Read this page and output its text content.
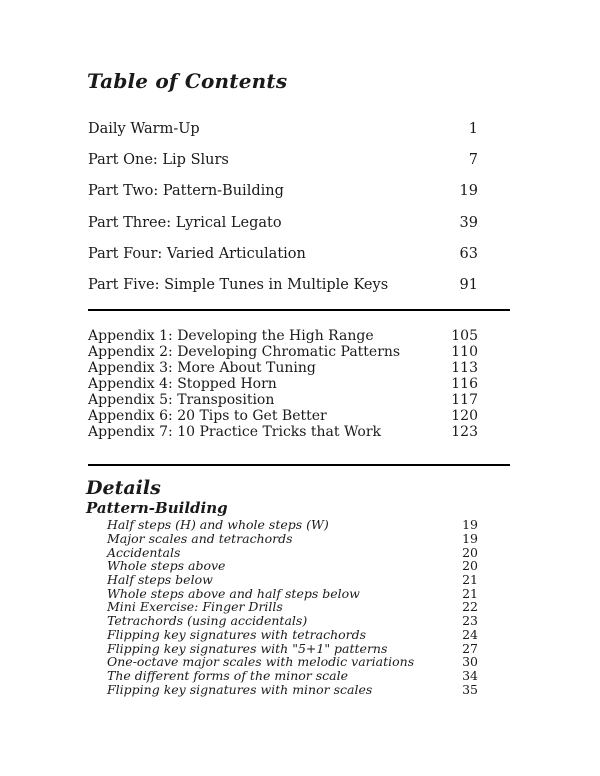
Table of Contents
Daily Warm-Up	1
Part One: Lip Slurs	7
Part Two: Pattern-Building	19
Part Three: Lyrical Legato	39
Part Four: Varied Articulation	63
Part Five: Simple Tunes in Multiple Keys	91
Appendix 1: Developing the High Range	105
Appendix 2: Developing Chromatic Patterns	110
Appendix 3: More About Tuning	113
Appendix 4: Stopped Horn	116
Appendix 5: Transposition	117
Appendix 6: 20 Tips to Get Better	120
Appendix 7: 10 Practice Tricks that Work	123
Details
Pattern-Building
Half steps (H) and whole steps (W)	19
Major scales and tetrachords	19
Accidentals	20
Whole steps above	20
Half steps below	21
Whole steps above and half steps below	21
Mini Exercise: Finger Drills	22
Tetrachords (using accidentals)	23
Flipping key signatures with tetrachords	24
Flipping key signatures with "5+1" patterns	27
One-octave major scales with melodic variations	30
The different forms of the minor scale	34
Flipping key signatures with minor scales	35
